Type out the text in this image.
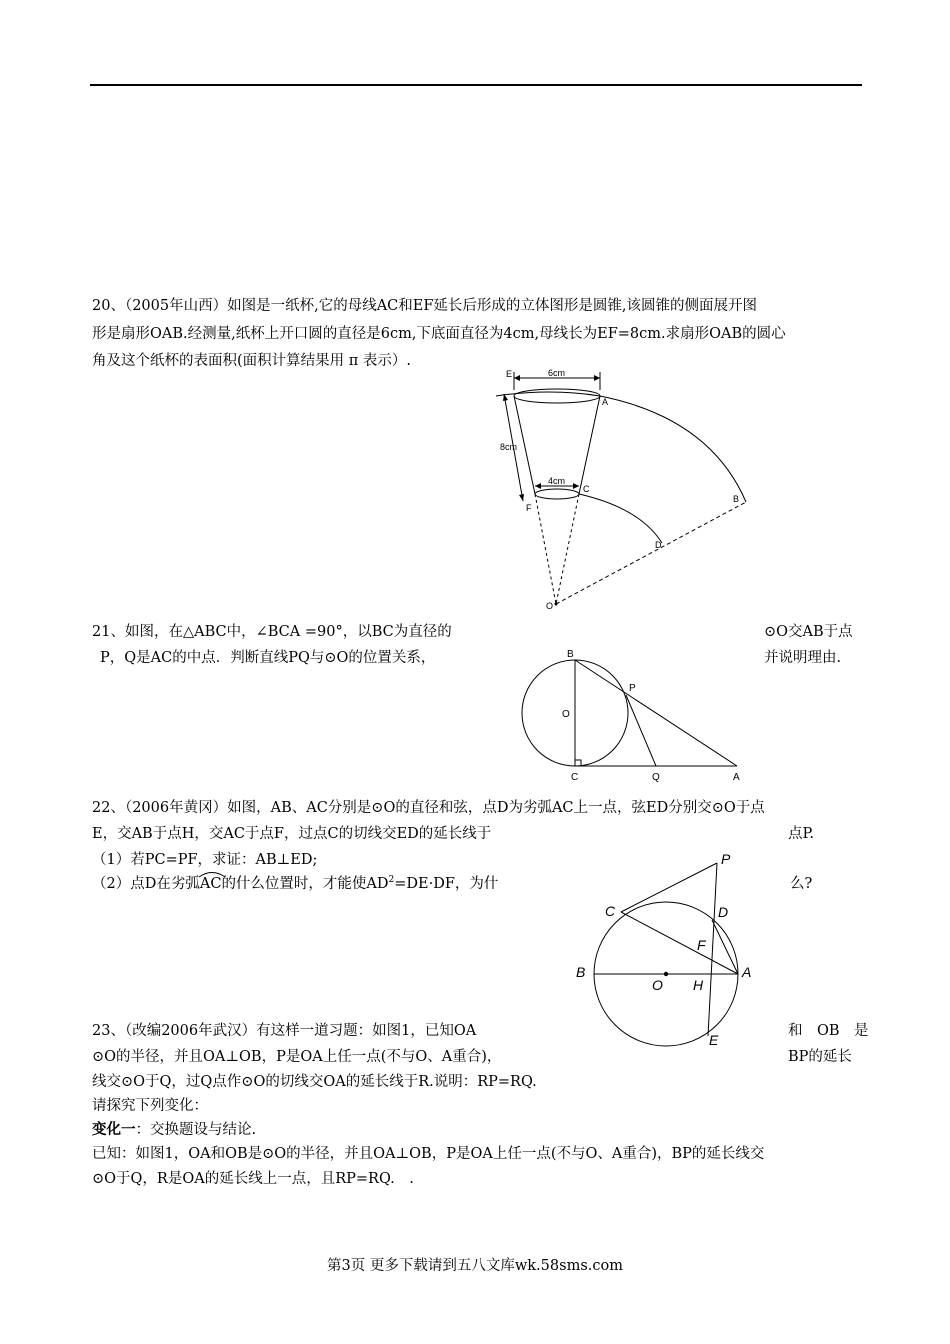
20、（2005年山西）如图是一纸杯,它的母线AC和EF延长后形成的立体图形是圆锥,该圆锥的侧面展开图
形是扇形OAB.经测量,纸杯上开口圆的直径是6cm,下底面直径为4cm,母线长为EF=8cm.求扇形OAB的圆心
角及这个纸杯的表面积(面积计算结果用 π 表示）.
E	6cm
A
8cm
4cm
C
F
B
D
O
21、如图，在△ABC中，∠BCA =90°，以BC为直径的	⊙O交AB于点
P，Q是AC的中点．判断直线PQ与⊙O的位置关系，	并说明理由.
B
P
O
C	Q	A
22、（2006年黄冈）如图，AB、AC分别是⊙O的直径和弦，点D为劣弧AC上一点，弦ED分别交⊙O于点
E，交AB于点H，交AC于点F，过点C的切线交ED的延长线于	点P.
（1）若PC=PF，求证：AB⊥ED;
（2）点D在劣弧AC
的什么位置时，才能使$AD^2=DE\cdot DF$，为什	么?
P
C	D
F
B
O H
A
E
23、（改编2006年武汉）有这样一道习题：如图1，已知OA	和　OB　是
⊙O的半径，并且OA⊥OB，P是OA上任一点(不与O、A重合)，	BP的延长
线交⊙O于Q，过Q点作⊙O的切线交OA的延长线于R.说明：RP=RQ.
请探究下列变化：
变化一：交换题设与结论.
已知：如图1，OA和OB是⊙O的半径，并且OA⊥OB，P是OA上任一点(不与O、A重合)，BP的延长线交
⊙O于Q，R是OA的延长线上一点，且RP=RQ.　.
第3页 更多下载请到五八文库wk.58sms.com
